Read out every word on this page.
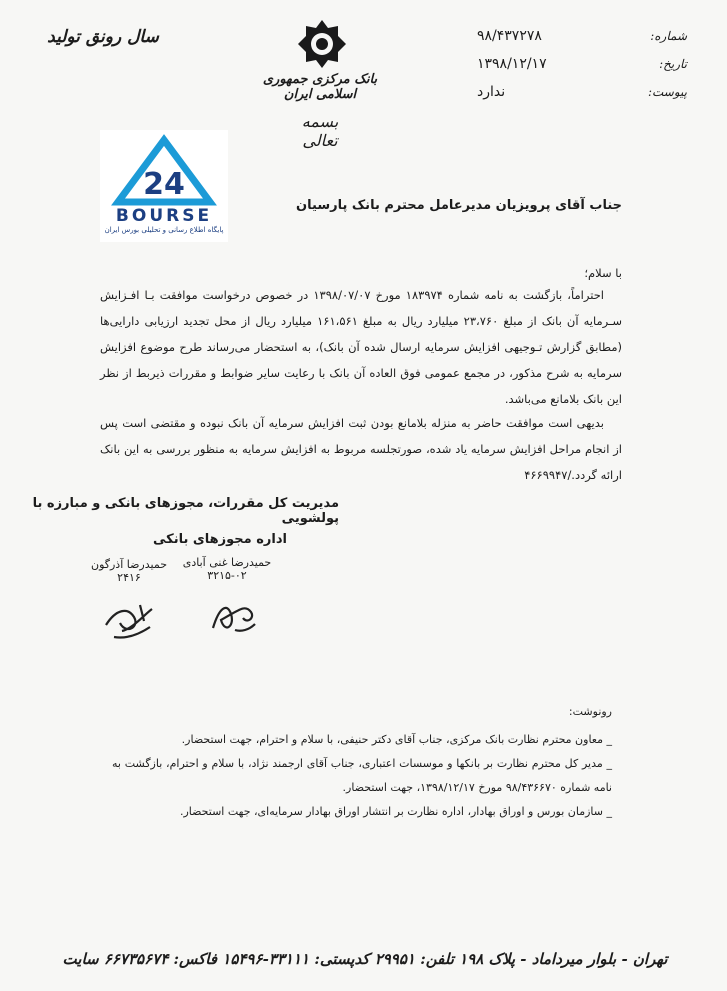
شماره:
۹۸/۴۳۷۲۷۸
تاریخ:
۱۳۹۸/۱۲/۱۷
پیوست:
ندارد
بانک مرکزی جمهوری اسلامی ایران
بسمه تعالی
سال رونق تولید
24
BOURSE
پایگاه اطلاع رسانی و تحلیلی بورس ایران
جناب آقای پرویزیان مدیرعامل محترم بانک پارسیان
با سلام؛

احتراماً، بازگشت به نامه شماره ۱۸۳۹۷۴ مورخ ۱۳۹۸/۰۷/۰۷ در خصوص درخواست موافقت بـا افـزایش سـرمایه آن بانک از مبلغ ۲۳،۷۶۰ میلیارد ریال به مبلغ ۱۶۱،۵۶۱ میلیارد ریال از محل تجدید ارزیابی دارایی‌ها (مطابق گزارش تـوجیهی افزایش سرمایه ارسال شده آن بانک)، به استحضار می‌رساند طرح موضوع افزایش سرمایه به شرح مذکور، در مجمع عمومی فوق العاده آن بانک با رعایت سایر ضوابط و مقررات ذیربط از نظر این بانک بلامانع می‌باشد.

بدیهی است موافقت حاضر به منزله بلامانع بودن ثبت افزایش سرمایه آن بانک نبوده و مقتضی است پس از انجام مراحل افزایش سرمایه یاد شده، صورتجلسه مربوط به افزایش سرمایه به منظور بررسی به این بانک ارائه گردد./۴۶۶۹۹۴۷

مدیریت کل مقررات، مجوزهای بانکی و مبارزه با پولشویی
اداره مجوزهای بانکی
حمیدرضا غنی آبادی
۳۲۱۵-۰۲
حمیدرضا آذرگون
۲۴۱۶
رونوشت:

_ معاون محترم نظارت بانک مرکزی، جناب آقای دکتر حنیفی، با سلام و احترام، جهت استحضار.

_ مدیر کل محترم نظارت بر بانکها و موسسات اعتباری، جناب آقای ارجمند نژاد، با سلام و احترام، بازگشت به نامه شماره ۹۸/۴۳۶۶۷۰ مورخ ۱۳۹۸/۱۲/۱۷، جهت استحضار.

_ سازمان بورس و اوراق بهادار، اداره نظارت بر انتشار اوراق بهادار سرمایه‌ای، جهت استحضار.

تهران - بلوار میرداماد - پلاک ۱۹۸ تلفن: ۲۹۹۵۱ کدپستی: ۳۳۱۱۱-۱۵۴۹۶ فاکس: ۶۶۷۳۵۶۷۴ سایت
